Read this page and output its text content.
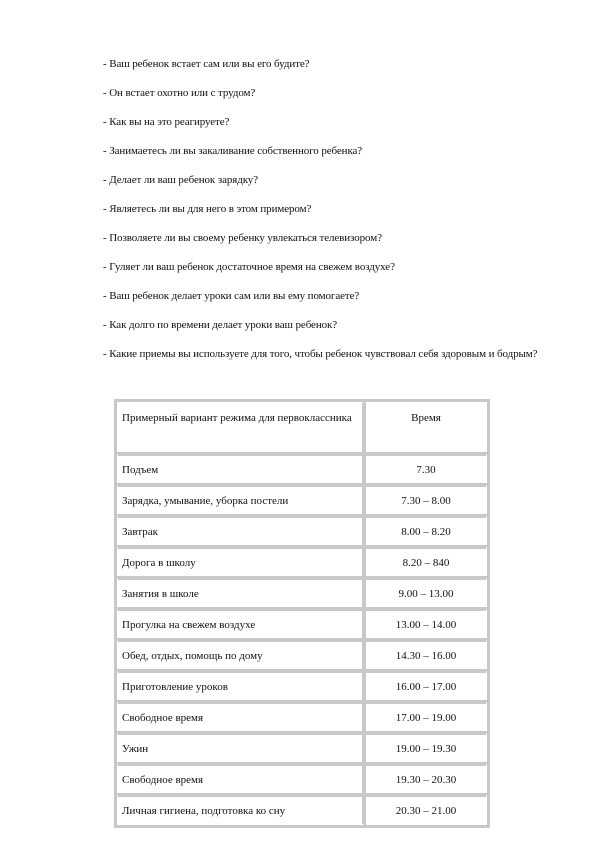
- Ваш ребенок встает сам или вы его будите?
- Он встает охотно или с трудом?
- Как вы на это реагируете?
- Занимаетесь ли вы закаливание собственного ребенка?
- Делает ли ваш ребенок зарядку?
- Являетесь ли вы для него в этом примером?
- Позволяете ли вы своему ребенку увлекаться телевизором?
- Гуляет ли ваш ребенок достаточное время на свежем воздухе?
- Ваш ребенок делает уроки сам или вы ему помогаете?
- Как долго по времени делает уроки ваш ребенок?
- Какие приемы вы используете для того, чтобы ребенок чувствовал себя здоровым и бодрым?
Примерный вариант режима для первоклассника	Время
Подъем	7.30
Зарядка, умывание, уборка постели	7.30 – 8.00
Завтрак	8.00 – 8.20
Дорога в школу	8.20 – 840
Занятия в школе	9.00 – 13.00
Прогулка на свежем воздухе	13.00 – 14.00
Обед, отдых, помощь по дому	14.30 – 16.00
Приготовление уроков	16.00 – 17.00
Свободное время	17.00 – 19.00
Ужин	19.00 – 19.30
Свободное время	19.30 – 20.30
Личная гигиена, подготовка ко сну	20.30 – 21.00
